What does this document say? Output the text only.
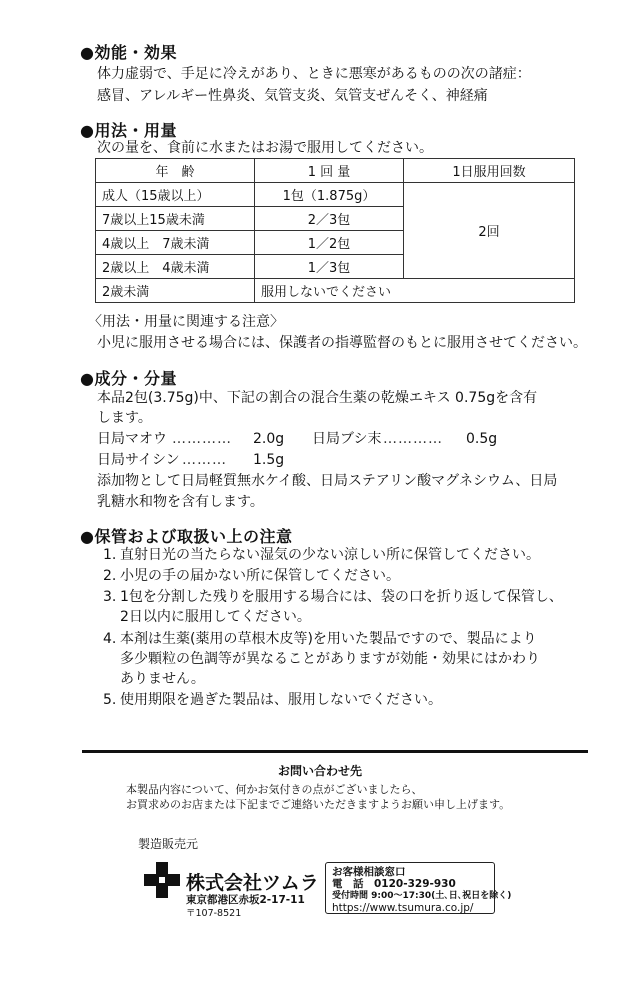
●効能・効果
体力虚弱で、手足に冷えがあり、ときに悪寒があるものの次の諸症：
感冒、アレルギー性鼻炎、気管支炎、気管支ぜんそく、神経痛
●用法・用量
次の量を、食前に水またはお湯で服用してください。
年　齢	1 回 量	1日服用回数
成人（15歳以上）	1包（1.875g）	2回
7歳以上15歳未満	2／3包	
4歳以上　7歳未満	1／2包	
2歳以上　4歳未満	1／3包	
2歳未満	服用しないでください	
〈用法・用量に関連する注意〉
小児に服用させる場合には、保護者の指導監督のもとに服用させてください。
●成分・分量
本品2包(3.75g)中、下記の割合の混合生薬の乾燥エキス 0.75gを含有
します。
日局マオウ ………… 2.0g 日局ブシ末 ………… 0.5g
日局サイシン ……… 1.5g
添加物として日局軽質無水ケイ酸、日局ステアリン酸マグネシウム、日局
乳糖水和物を含有します。
●保管および取扱い上の注意
1. 直射日光の当たらない湿気の少ない涼しい所に保管してください。
2. 小児の手の届かない所に保管してください。
3. 1包を分割した残りを服用する場合には、袋の口を折り返して保管し、
2日以内に服用してください。
4. 本剤は生薬(薬用の草根木皮等)を用いた製品ですので、製品により
多少顆粒の色調等が異なることがありますが効能・効果にはかわり
ありません。
5. 使用期限を過ぎた製品は、服用しないでください。
お問い合わせ先
本製品内容について、何かお気付きの点がございましたら、
お買求めのお店または下記までご連絡いただきますようお願い申し上げます。
製造販売元
株式会社ツムラ
東京都港区赤坂2-17-11
〒107-8521
お客様相談窓口
電　話　0120-329-930
受付時間 9:00～17:30(土､日､祝日を除く)
https://www.tsumura.co.jp/
